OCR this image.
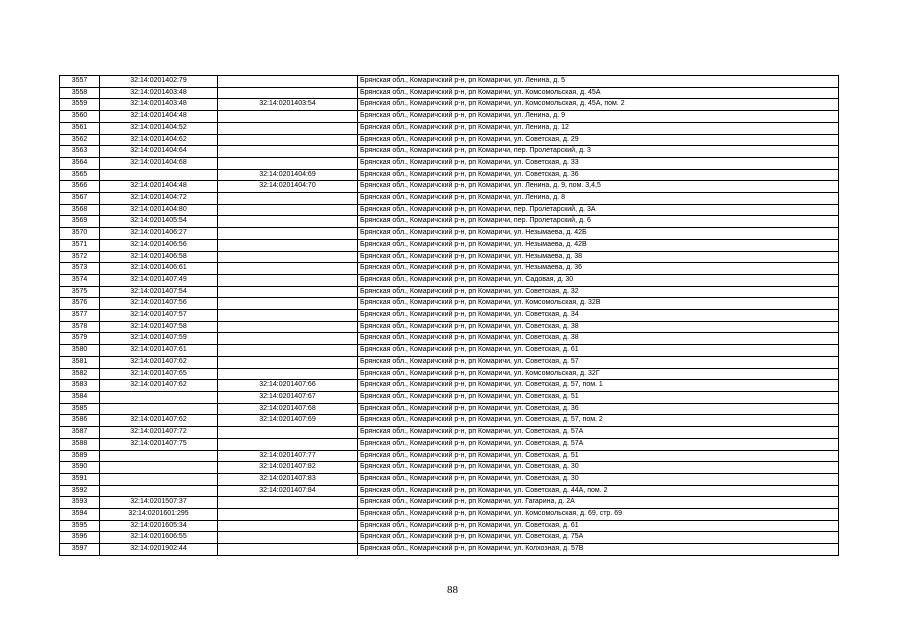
3557	32:14:0201402:79		Брянская обл., Комаричский р-н, рп Комаричи, ул. Ленина, д. 5
3558	32:14:0201403:48		Брянская обл., Комаричский р-н, рп Комаричи, ул. Комсомольская, д. 45А
3559	32:14:0201403:48	32:14:0201403:54	Брянская обл., Комаричский р-н, рп Комаричи, ул. Комсомольская, д. 45А, пом. 2
3560	32:14:0201404:48		Брянская обл., Комаричский р-н, рп Комаричи, ул. Ленина, д. 9
3561	32:14:0201404:52		Брянская обл., Комаричский р-н, рп Комаричи, ул. Ленина, д. 12
3562	32:14:0201404:62		Брянская обл., Комаричский р-н, рп Комаричи, ул. Советская, д. 29
3563	32:14:0201404:64		Брянская обл., Комаричский р-н, рп Комаричи, пер. Пролетарский, д. 3
3564	32:14:0201404:68		Брянская обл., Комаричский р-н, рп Комаричи, ул. Советская, д. 33
3565		32:14:0201404:69	Брянская обл., Комаричский р-н, рп Комаричи, ул. Советская, д. 36
3566	32:14:0201404:48	32:14:0201404:70	Брянская обл., Комаричский р-н, рп Комаричи, ул. Ленина, д. 9, пом. 3,4,5
3567	32:14:0201404:72		Брянская обл., Комаричский р-н, рп Комаричи, ул. Ленина, д. 8
3568	32:14:0201404:80		Брянская обл., Комаричский р-н, рп Комаричи, пер. Пролетарский, д. 3А
3569	32:14:0201405:54		Брянская обл., Комаричский р-н, рп Комаричи, пер. Пролетарский, д. 6
3570	32:14:0201406:27		Брянская обл., Комаричский р-н, рп Комаричи, ул. Незымаева, д. 42Б
3571	32:14:0201406:56		Брянская обл., Комаричский р-н, рп Комаричи, ул. Незымаева, д. 42В
3572	32:14:0201406:58		Брянская обл., Комаричский р-н, рп Комаричи, ул. Незымаева, д. 38
3573	32:14:0201406:61		Брянская обл., Комаричский р-н, рп Комаричи, ул. Незымаева, д. 36
3574	32:14:0201407:49		Брянская обл., Комаричский р-н, рп Комаричи, ул. Садовая, д. 30
3575	32:14:0201407:54		Брянская обл., Комаричский р-н, рп Комаричи, ул. Советская, д. 32
3576	32:14:0201407:56		Брянская обл., Комаричский р-н, рп Комаричи, ул. Комсомольская, д. 32В
3577	32:14:0201407:57		Брянская обл., Комаричский р-н, рп Комаричи, ул. Советская, д. 34
3578	32:14:0201407:58		Брянская обл., Комаричский р-н, рп Комаричи, ул. Советская, д. 38
3579	32:14:0201407:59		Брянская обл., Комаричский р-н, рп Комаричи, ул. Советская, д. 38
3580	32:14:0201407:61		Брянская обл., Комаричский р-н, рп Комаричи, ул. Советская, д. 61
3581	32:14:0201407:62		Брянская обл., Комаричский р-н, рп Комаричи, ул. Советская, д. 57
3582	32:14:0201407:65		Брянская обл., Комаричский р-н, рп Комаричи, ул. Комсомольская, д. 32Г
3583	32:14:0201407:62	32:14:0201407:66	Брянская обл., Комаричский р-н, рп Комаричи, ул. Советская, д. 57, пом. 1
3584		32:14:0201407:67	Брянская обл., Комаричский р-н, рп Комаричи, ул. Советская, д. 51
3585		32:14:0201407:68	Брянская обл., Комаричский р-н, рп Комаричи, ул. Советская, д. 36
3586	32:14:0201407:62	32:14:0201407:69	Брянская обл., Комаричский р-н, рп Комаричи, ул. Советская, д. 57, пом. 2
3587	32:14:0201407:72		Брянская обл., Комаричский р-н, рп Комаричи, ул. Советская, д. 57А
3588	32:14:0201407:75		Брянская обл., Комаричский р-н, рп Комаричи, ул. Советская, д. 57А
3589		32:14:0201407:77	Брянская обл., Комаричский р-н, рп Комаричи, ул. Советская, д. 51
3590		32:14:0201407:82	Брянская обл., Комаричский р-н, рп Комаричи, ул. Советская, д. 30
3591		32:14:0201407:83	Брянская обл., Комаричский р-н, рп Комаричи, ул. Советская, д. 30
3592		32:14:0201407:84	Брянская обл., Комаричский р-н, рп Комаричи, ул. Советская, д. 44А, пом. 2
3593	32:14:0201507:37		Брянская обл., Комаричский р-н, рп Комаричи, ул. Гагарина, д. 2А
3594	32:14:0201601:295		Брянская обл., Комаричский р-н, рп Комаричи, ул. Комсомольская, д. 69, стр. 69
3595	32:14:0201605:34		Брянская обл., Комаричский р-н, рп Комаричи, ул. Советская, д. 61
3596	32:14:0201606:55		Брянская обл., Комаричский р-н, рп Комаричи, ул. Советская, д. 75А
3597	32:14:0201902:44		Брянская обл., Комаричский р-н, рп Комаричи, ул. Колхозная, д. 57В
88
